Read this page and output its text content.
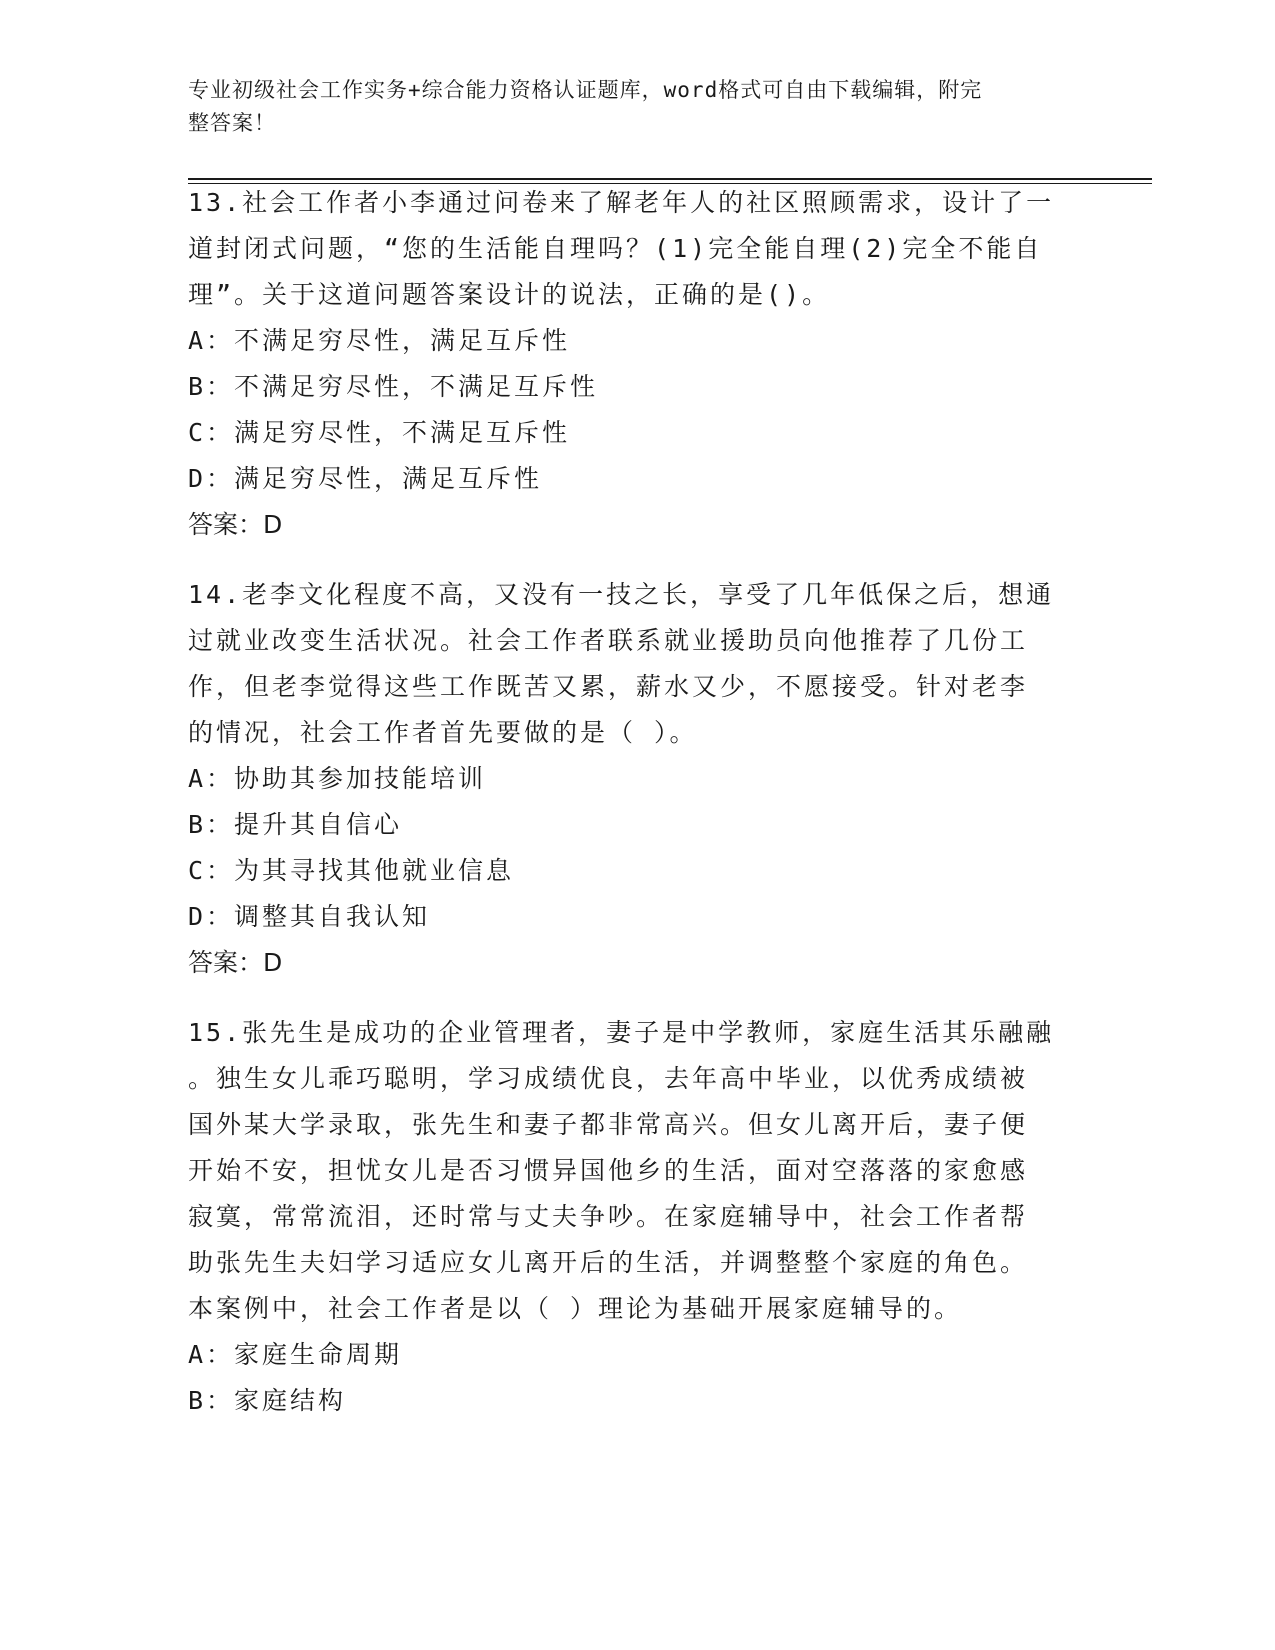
专业初级社会工作实务+综合能力资格认证题库，word格式可自由下载编辑，附完
整答案！
13.社会工作者小李通过问卷来了解老年人的社区照顾需求，设计了一
道封闭式问题，“您的生活能自理吗？(1)完全能自理(2)完全不能自
理”。关于这道问题答案设计的说法，正确的是()。
A：不满足穷尽性，满足互斥性
B：不满足穷尽性，不满足互斥性
C：满足穷尽性，不满足互斥性
D：满足穷尽性，满足互斥性
答案：D
14.老李文化程度不高，又没有一技之长，享受了几年低保之后，想通
过就业改变生活状况。社会工作者联系就业援助员向他推荐了几份工
作，但老李觉得这些工作既苦又累，薪水又少，不愿接受。针对老李
的情况，社会工作者首先要做的是（ ）。
A：协助其参加技能培训
B：提升其自信心
C：为其寻找其他就业信息
D：调整其自我认知
答案：D
15.张先生是成功的企业管理者，妻子是中学教师，家庭生活其乐融融
。独生女儿乖巧聪明，学习成绩优良，去年高中毕业，以优秀成绩被
国外某大学录取，张先生和妻子都非常高兴。但女儿离开后，妻子便
开始不安，担忧女儿是否习惯异国他乡的生活，面对空落落的家愈感
寂寞，常常流泪，还时常与丈夫争吵。在家庭辅导中，社会工作者帮
助张先生夫妇学习适应女儿离开后的生活，并调整整个家庭的角色。
本案例中，社会工作者是以（ ）理论为基础开展家庭辅导的。
A：家庭生命周期
B：家庭结构
